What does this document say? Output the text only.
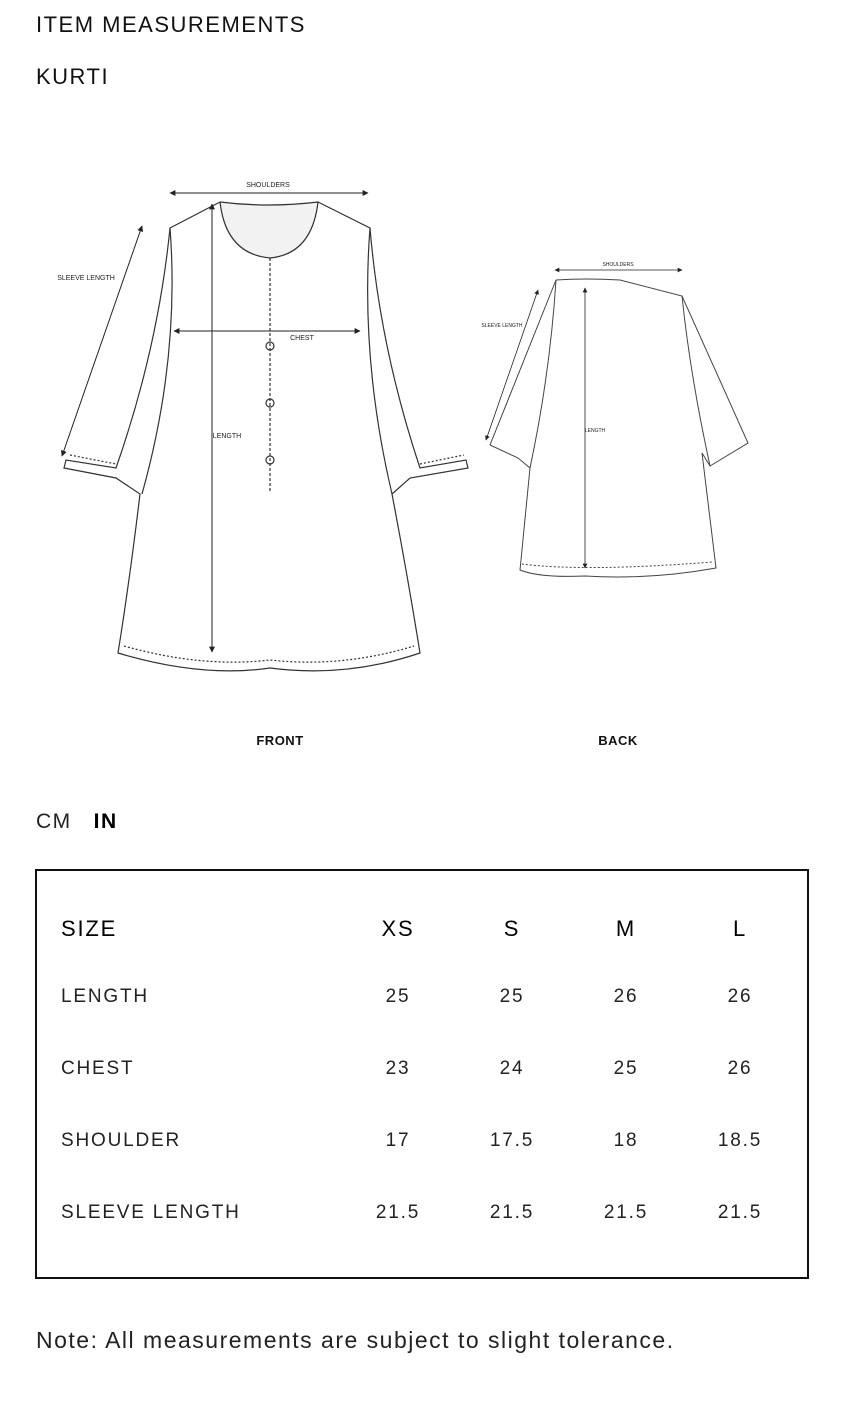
ITEM MEASUREMENTS
KURTI
SHOULDERS
SLEEVE LENGTH
CHEST
LENGTH
SHOULDERS
SLEEVE LENGTH
LENGTH
FRONT	BACK
CM IN
SIZE	XS	S	M	L
LENGTH	25	25	26	26
CHEST	23	24	25	26
SHOULDER	17	17.5	18	18.5
SLEEVE LENGTH	21.5	21.5	21.5	21.5
Note: All measurements are subject to slight tolerance.
